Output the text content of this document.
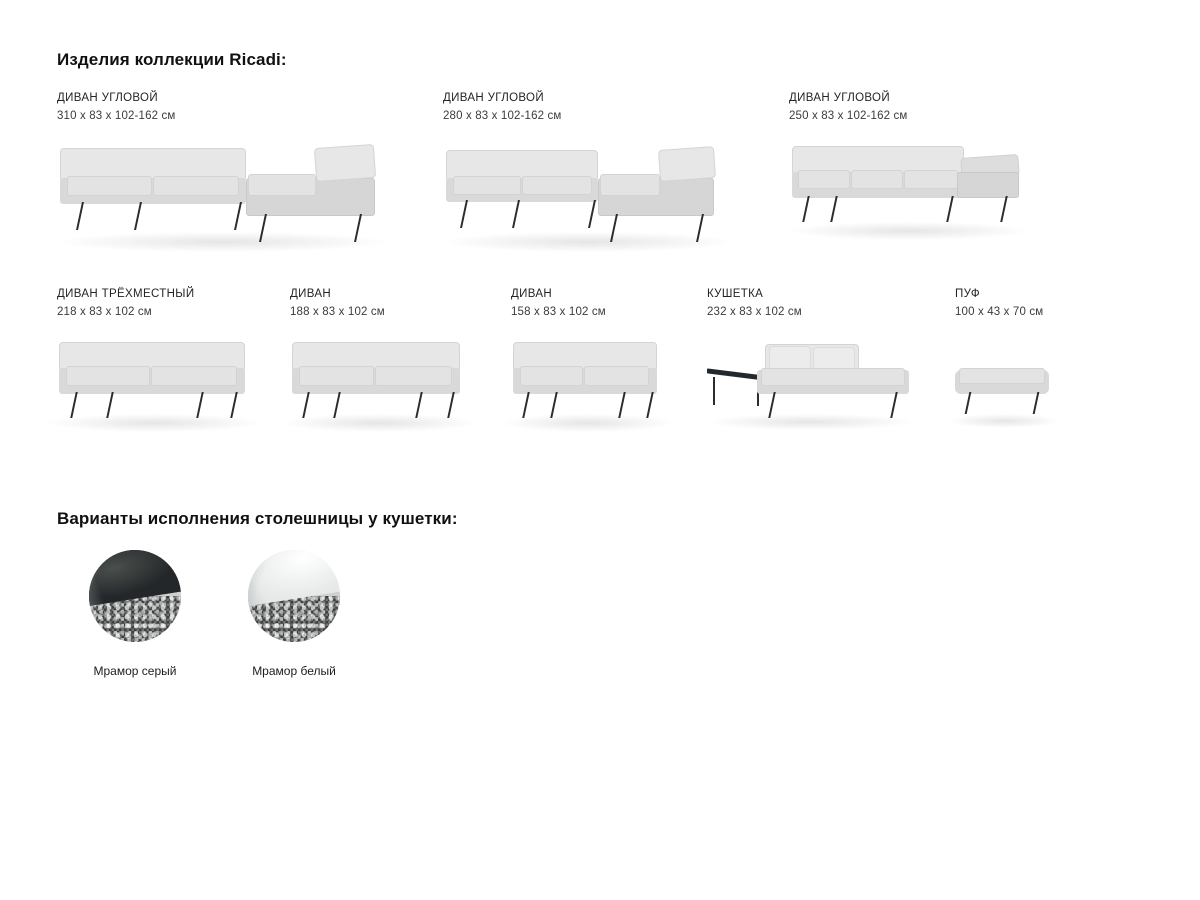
Изделия коллекции Ricadi:
ДИВАН УГЛОВОЙ
310 x 83 x 102-162 см
ДИВАН УГЛОВОЙ
280 x 83 x 102-162 см
ДИВАН УГЛОВОЙ
250 x 83 x 102-162 см
ДИВАН ТРЁХМЕСТНЫЙ
218 x 83 x 102 см
ДИВАН
188 x 83 x 102 см
ДИВАН
158 x 83 x 102 см
КУШЕТКА
232 x 83 x 102 см
ПУФ
100 x 43 x 70 см
Варианты исполнения столешницы у кушетки:
Мрамор серый	Мрамор белый
